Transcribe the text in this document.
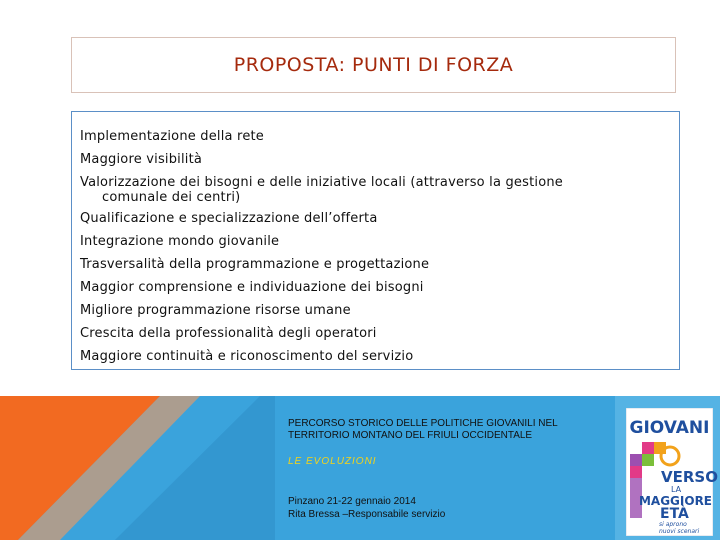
PROPOSTA: PUNTI DI FORZA
Implementazione della rete
Maggiore visibilità
Valorizzazione dei bisogni e delle iniziative locali (attraverso la gestione
comunale dei centri)
Qualificazione e specializzazione dell’offerta
Integrazione mondo giovanile
Trasversalità della programmazione e progettazione
Maggior comprensione e individuazione dei bisogni
Migliore programmazione risorse umane
Crescita della professionalità degli operatori
Maggiore continuità e riconoscimento del servizio
PERCORSO STORICO DELLE POLITICHE GIOVANILI NEL
TERRITORIO MONTANO DEL FRIULI OCCIDENTALE
LE EVOLUZIONI
Pinzano 21-22 gennaio 2014
Rita Bressa –Responsabile servizio
GIOVANI
VERSO
LA
MAGGIORE
ETÀ
si aprono
nuovi scenari
